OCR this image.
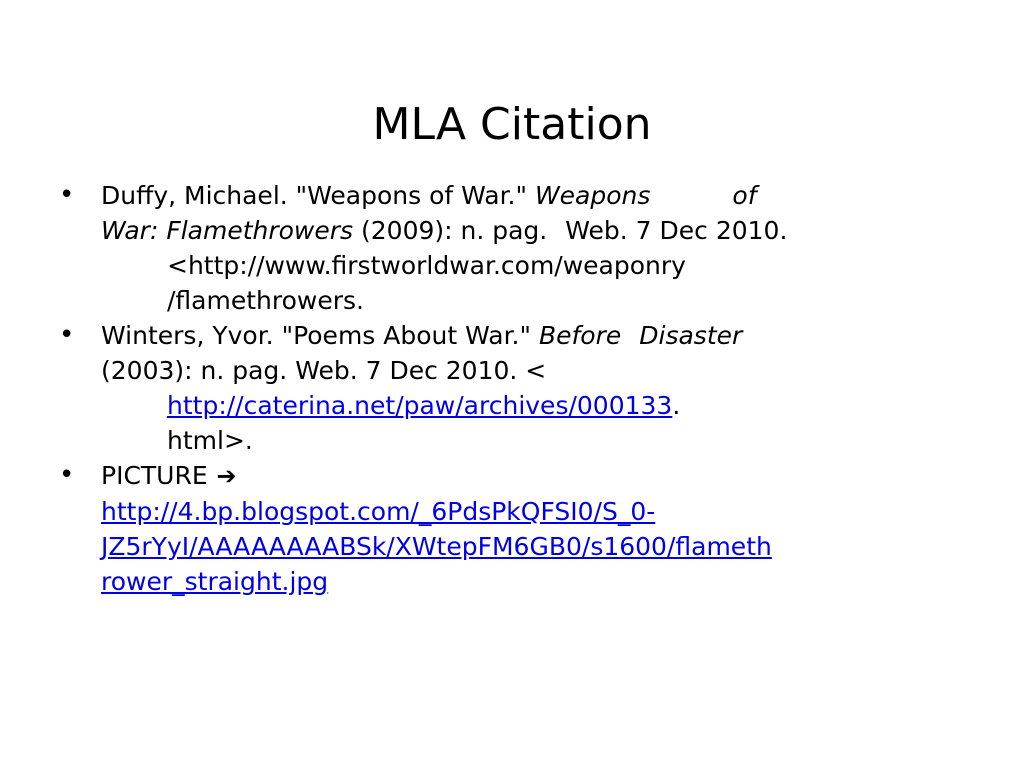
MLA Citation
• Duffy, Michael. "Weapons of War." Weapons	of
War: Flamethrowers (2009): n. pag. Web. 7 Dec 2010.
<http://www.firstworldwar.com/weaponry
/flamethrowers.
• Winters, Yvor. "Poems About War." Before Disaster
(2003): n. pag. Web. 7 Dec 2010. <
http://caterina.net/paw/archives/000133.
html>.
• PICTURE ➔
http://4.bp.blogspot.com/_6PdsPkQFSI0/S_0-
JZ5rYyI/AAAAAAAABSk/XWtepFM6GB0/s1600/flameth
rower_straight.jpg
